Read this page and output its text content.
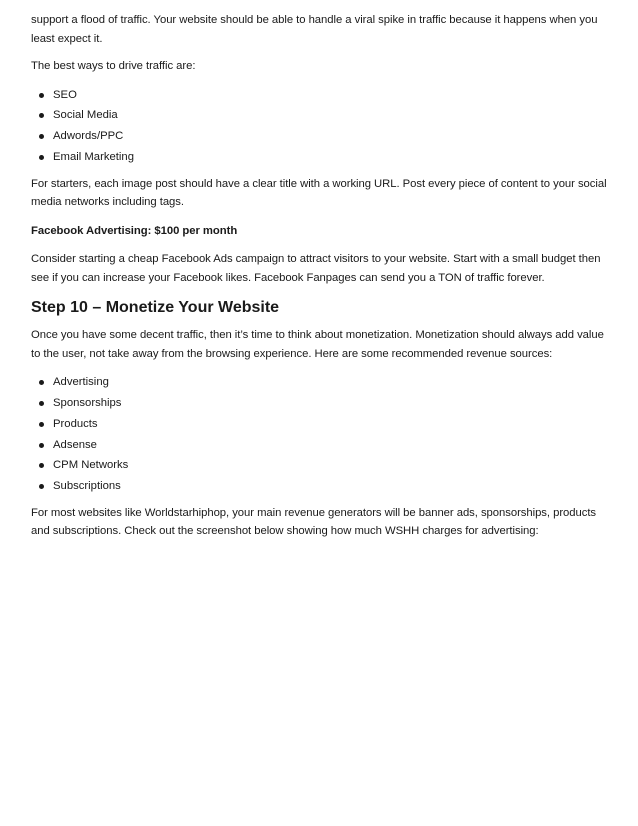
support a flood of traffic. Your website should be able to handle a viral spike in traffic because it happens when you least expect it.

The best ways to drive traffic are:

SEO
Social Media
Adwords/PPC
Email Marketing

For starters, each image post should have a clear title with a working URL. Post every piece of content to your social media networks including tags.

Facebook Advertising: $100 per month

Consider starting a cheap Facebook Ads campaign to attract visitors to your website. Start with a small budget then see if you can increase your Facebook likes. Facebook Fanpages can send you a TON of traffic forever.

Step 10 – Monetize Your Website

Once you have some decent traffic, then it’s time to think about monetization. Monetization should always add value to the user, not take away from the browsing experience. Here are some recommended revenue sources:

Advertising
Sponsorships
Products
Adsense
CPM Networks
Subscriptions

For most websites like Worldstarhiphop, your main revenue generators will be banner ads, sponsorships, products and subscriptions. Check out the screenshot below showing how much WSHH charges for advertising:
